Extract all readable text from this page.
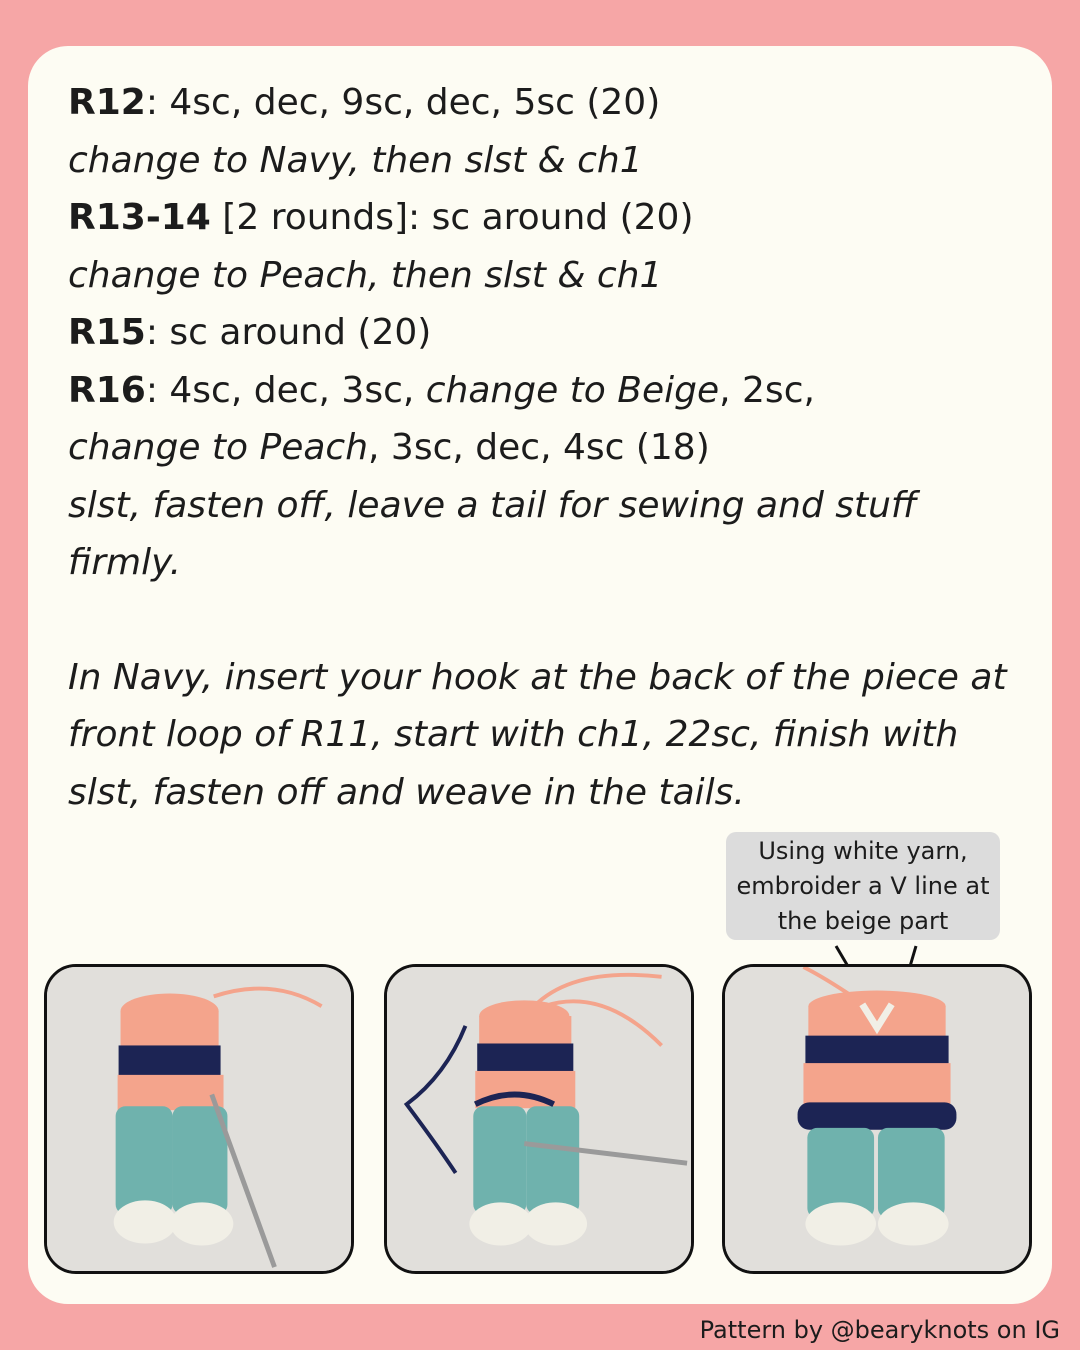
R12: 4sc, dec, 9sc, dec, 5sc (20)
change to Navy, then slst & ch1
R13-14 [2 rounds]: sc around (20)
change to Peach, then slst & ch1
R15: sc around (20)
R16: 4sc, dec, 3sc, change to Beige, 2sc,
change to Peach, 3sc, dec, 4sc (18)
slst, fasten off, leave a tail for sewing and stuff firmly.
In Navy, insert your hook at the back of the piece at front loop of R11, start with ch1, 22sc, finish with slst, fasten off and weave in the tails.
Using white yarn,
embroider a V line at
the beige part
Pattern by @bearyknots on IG
